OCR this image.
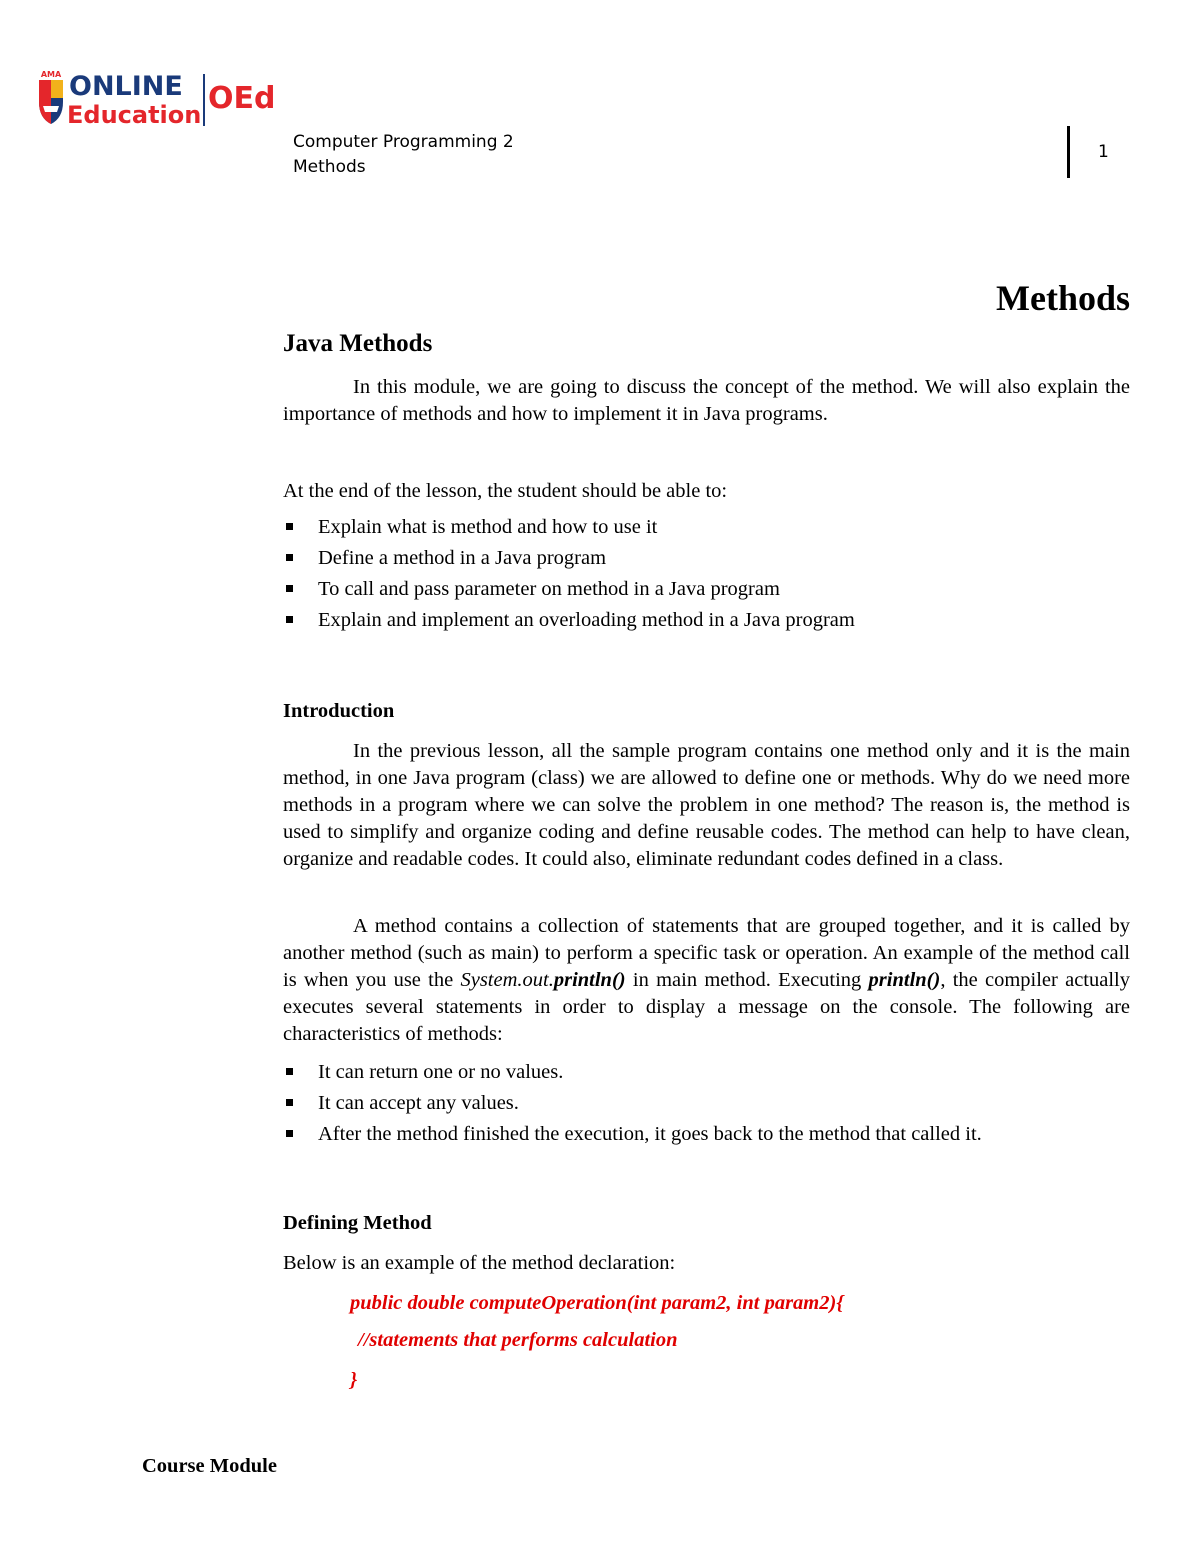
AMA ONLINE
Education OEd
Computer Programming 2
Methods
1
Methods
Java Methods

In this module, we are going to discuss the concept of the method. We will also explain the importance of methods and how to implement it in Java programs.

At the end of the lesson, the student should be able to:

Explain what is method and how to use it
Define a method in a Java program
To call and pass parameter on method in a Java program
Explain and implement an overloading method in a Java program
Introduction

In the previous lesson, all the sample program contains one method only and it is the main method, in one Java program (class) we are allowed to define one or methods. Why do we need more methods in a program where we can solve the problem in one method? The reason is, the method is used to simplify and organize coding and define reusable codes. The method can help to have clean, organize and readable codes. It could also, eliminate redundant codes defined in a class.

A method contains a collection of statements that are grouped together, and it is called by another method (such as main) to perform a specific task or operation. An example of the method call is when you use the System.out.println() in main method. Executing println(), the compiler actually executes several statements in order to display a message on the console. The following are characteristics of methods:

It can return one or no values.
It can accept any values.
After the method finished the execution, it goes back to the method that called it.
Defining Method

Below is an example of the method declaration:

public double computeOperation(int param2, int param2){
//statements that performs calculation
}
Course Module
